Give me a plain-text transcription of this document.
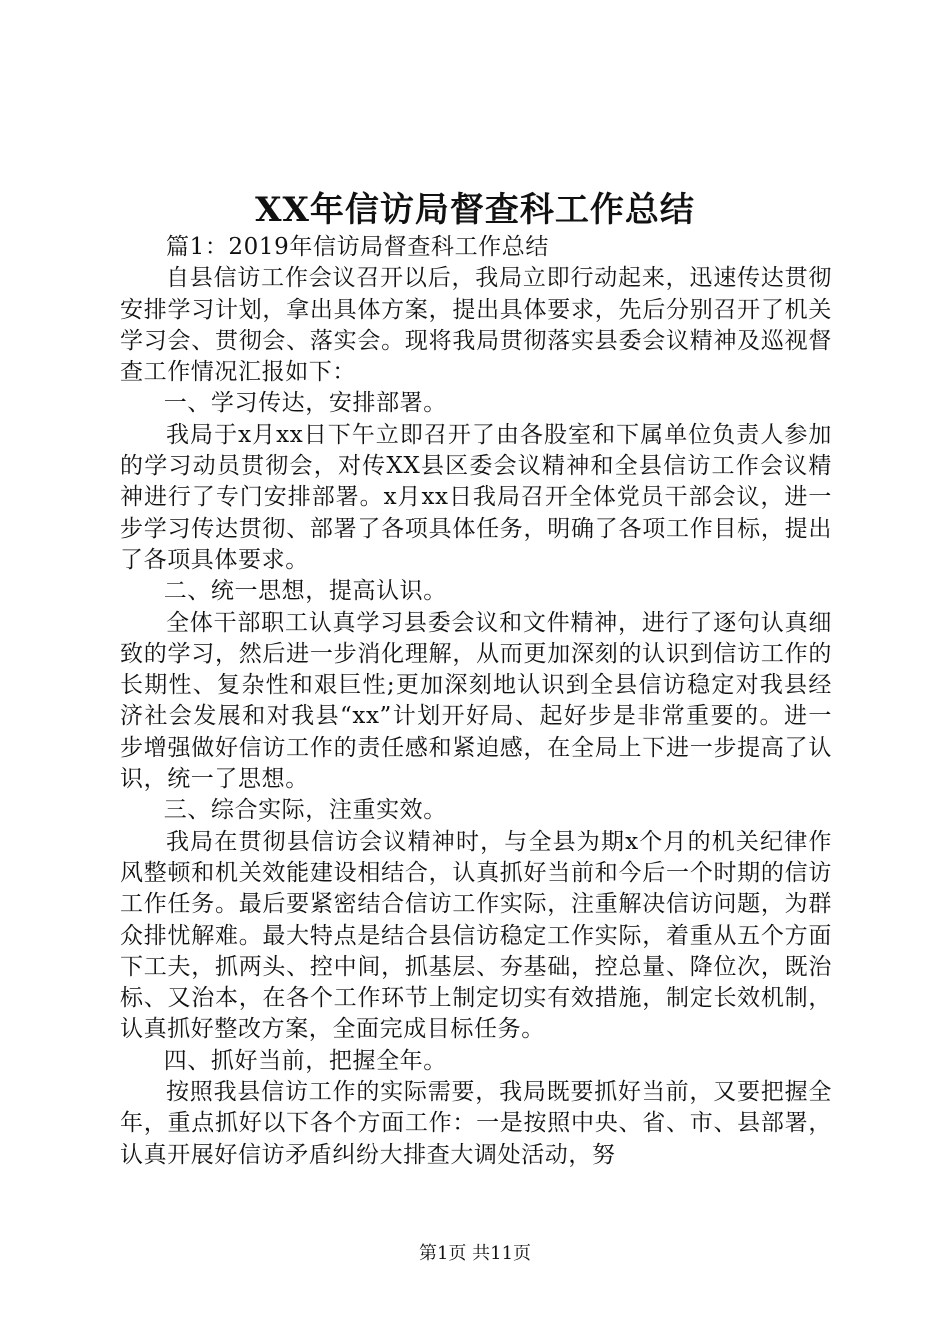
XX年信访局督查科工作总结

篇1：2019年信访局督查科工作总结

自县信访工作会议召开以后，我局立即行动起来，迅速传达贯彻安排学习计划，拿出具体方案，提出具体要求，先后分别召开了机关学习会、贯彻会、落实会。现将我局贯彻落实县委会议精神及巡视督查工作情况汇报如下：

一、学习传达，安排部署。

我局于x月xx日下午立即召开了由各股室和下属单位负责人参加的学习动员贯彻会，对传XX县区委会议精神和全县信访工作会议精神进行了专门安排部署。x月xx日我局召开全体党员干部会议，进一步学习传达贯彻、部署了各项具体任务，明确了各项工作目标，提出了各项具体要求。

二、统一思想，提高认识。

全体干部职工认真学习县委会议和文件精神，进行了逐句认真细致的学习，然后进一步消化理解，从而更加深刻的认识到信访工作的长期性、复杂性和艰巨性;更加深刻地认识到全县信访稳定对我县经济社会发展和对我县“xx”计划开好局、起好步是非常重要的。进一步增强做好信访工作的责任感和紧迫感，在全局上下进一步提高了认识，统一了思想。

三、综合实际，注重实效。

我局在贯彻县信访会议精神时，与全县为期x个月的机关纪律作风整顿和机关效能建设相结合，认真抓好当前和今后一个时期的信访工作任务。最后要紧密结合信访工作实际，注重解决信访问题，为群众排忧解难。最大特点是结合县信访稳定工作实际，着重从五个方面下工夫，抓两头、控中间，抓基层、夯基础，控总量、降位次，既治标、又治本，在各个工作环节上制定切实有效措施，制定长效机制，认真抓好整改方案，全面完成目标任务。

四、抓好当前，把握全年。

按照我县信访工作的实际需要，我局既要抓好当前，又要把握全年，重点抓好以下各个方面工作：一是按照中央、省、市、县部署，认真开展好信访矛盾纠纷大排查大调处活动，努

第1页 共11页
